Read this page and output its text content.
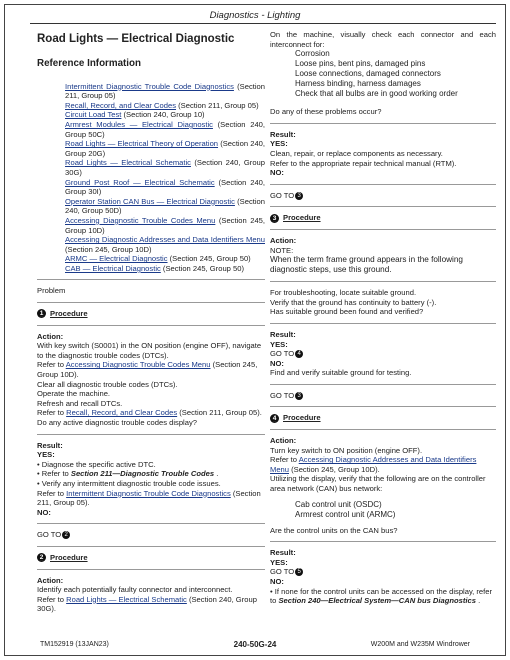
Diagnostics - Lighting
Road Lights — Electrical Diagnostic
Reference Information
Intermittent Diagnostic Trouble Code Diagnostics (Section 211, Group 05)
Recall, Record, and Clear Codes (Section 211, Group 05)
Circuit Load Test (Section 240, Group 10)
Armrest Modules — Electrical Diagnostic (Section 240, Group 50C)
Road Lights — Electrical Theory of Operation (Section 240, Group 20G)
Road Lights — Electrical Schematic (Section 240, Group 30G)
Ground Post Roof — Electrical Schematic (Section 240, Group 30I)
Operator Station CAN Bus — Electrical Diagnostic (Section 240, Group 50D)
Accessing Diagnostic Trouble Codes Menu (Section 245, Group 10D)
Accessing Diagnostic Addresses and Data Identifiers Menu (Section 245, Group 10D)
ARMC — Electrical Diagnostic (Section 245, Group 50)
CAB — Electrical Diagnostic (Section 245, Group 50)

Problem

1 Procedure

Action:

With key switch (S0001) in the ON position (engine OFF), navigate to the diagnostic trouble codes (DTCs).

Refer to Accessing Diagnostic Trouble Codes Menu (Section 245, Group 10D).

Clear all diagnostic trouble codes (DTCs).

Operate the machine.

Refresh and recall DTCs.

Refer to Recall, Record, and Clear Codes (Section 211, Group 05).

Do any active diagnostic trouble codes display?

Result:

YES:

• Diagnose the specific active DTC.

• Refer to Section 211—Diagnostic Trouble Codes .

• Verify any intermittent diagnostic trouble code issues.

Refer to Intermittent Diagnostic Trouble Code Diagnostics (Section 211, Group 05).

NO:

GO TO 2

2 Procedure

Action:

Identify each potentially faulty connector and interconnect.

Refer to Road Lights — Electrical Schematic (Section 240, Group 30G).

On the machine, visually check each connector and each interconnect for:

Corrosion

Loose pins, bent pins, damaged pins

Loose connections, damaged connectors

Harness binding, harness damages

Check that all bulbs are in good working order

Do any of these problems occur?

Result:

YES:

Clean, repair, or replace components as necessary.

Refer to the appropriate repair technical manual (RTM).

NO:

GO TO 3

3 Procedure

Action:

NOTE:

When the term frame ground appears in the following diagnostic steps, use this ground.

For troubleshooting, locate suitable ground.

Verify that the ground has continuity to battery (-).

Has suitable ground been found and verified?

Result:

YES:

GO TO 4

NO:

Find and verify suitable ground for testing.

GO TO 3

4 Procedure

Action:

Turn key switch to ON position (engine OFF).

Refer to Accessing Diagnostic Addresses and Data Identifiers Menu (Section 245, Group 10D).

Utilizing the display, verify that the following are on the controller area network (CAN) bus network:

Cab control unit (OSDC)

Armrest control unit (ARMC)

Are the control units on the CAN bus?

Result:

YES:

GO TO 5

NO:

• If none for the control units can be accessed on the display, refer to Section 240—Electrical System—CAN bus Diagnostics .

TM152919 (13JAN23)	240-50G-24	W200M and W235M Windrower
